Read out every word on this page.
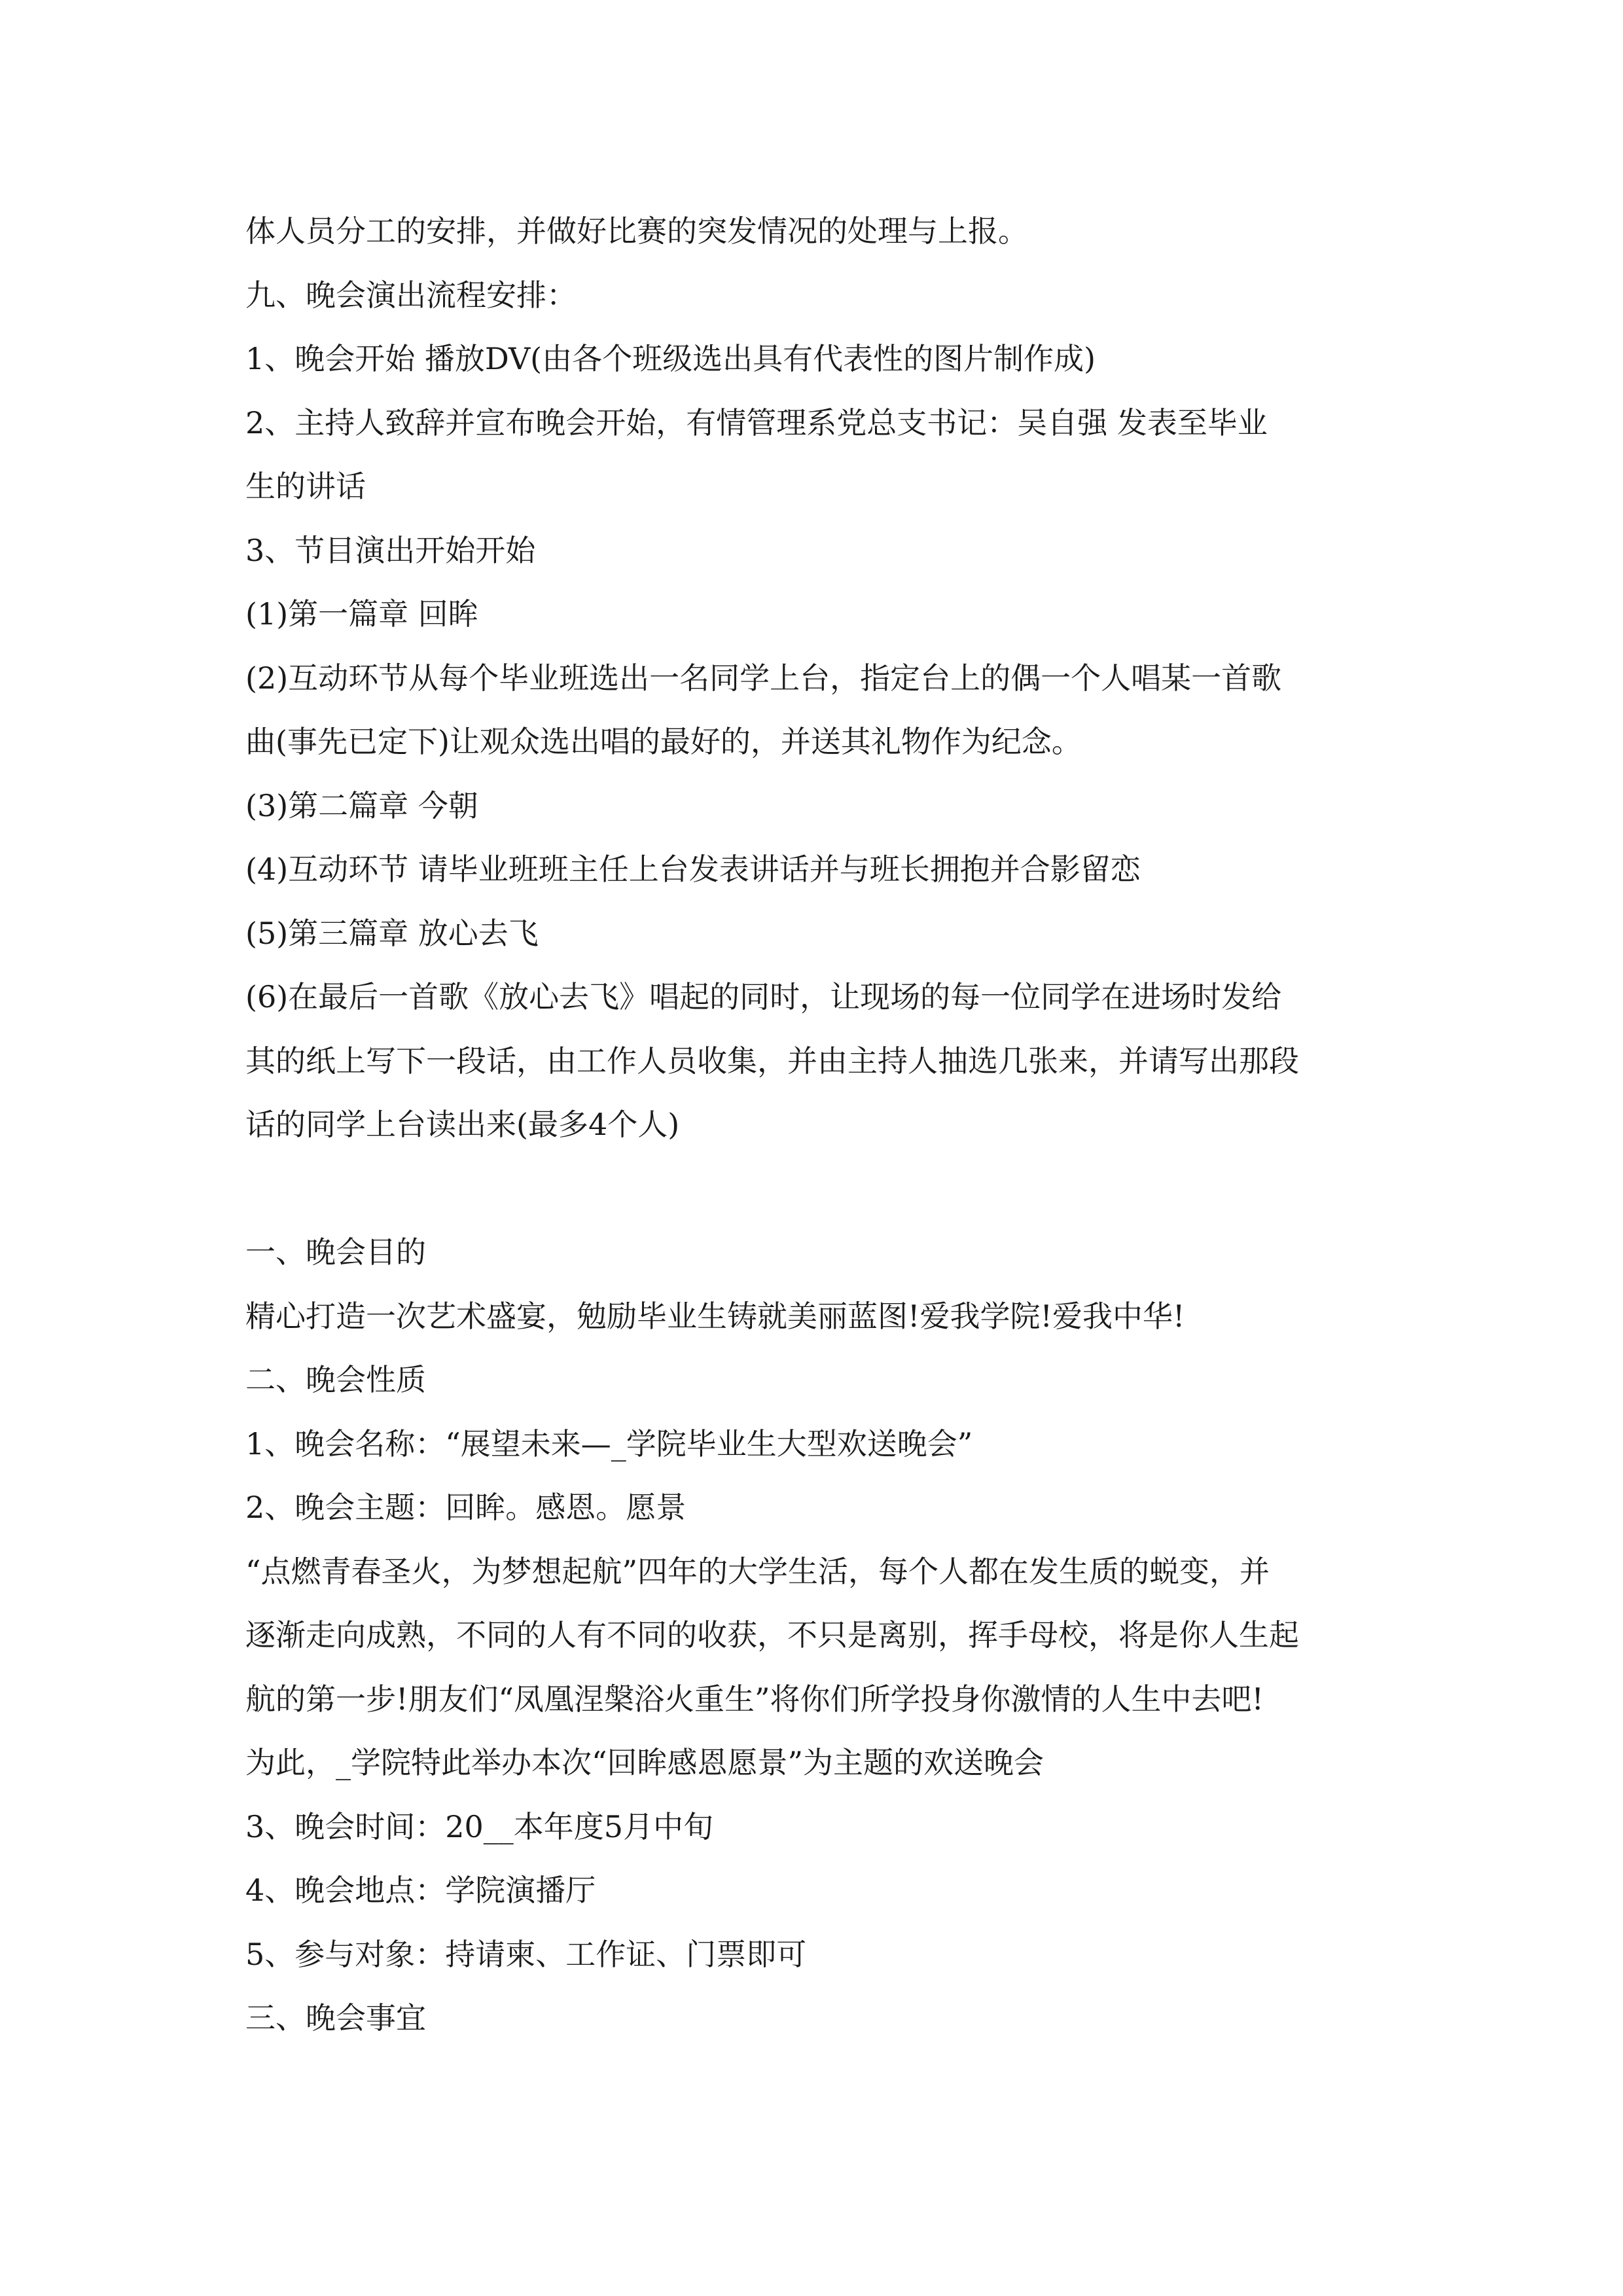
体人员分工的安排，并做好比赛的突发情况的处理与上报。
九、晚会演出流程安排：
1、晚会开始 播放DV(由各个班级选出具有代表性的图片制作成)
2、主持人致辞并宣布晚会开始，有情管理系党总支书记：吴自强 发表至毕业
生的讲话
3、节目演出开始开始
(1)第一篇章 回眸
(2)互动环节从每个毕业班选出一名同学上台，指定台上的偶一个人唱某一首歌
曲(事先已定下)让观众选出唱的最好的，并送其礼物作为纪念。
(3)第二篇章 今朝
(4)互动环节 请毕业班班主任上台发表讲话并与班长拥抱并合影留恋
(5)第三篇章 放心去飞
(6)在最后一首歌《放心去飞》唱起的同时，让现场的每一位同学在进场时发给
其的纸上写下一段话，由工作人员收集，并由主持人抽选几张来，并请写出那段
话的同学上台读出来(最多4个人)
一、晚会目的
精心打造一次艺术盛宴，勉励毕业生铸就美丽蓝图!爱我学院!爱我中华!
二、晚会性质
1、晚会名称：“展望未来—_学院毕业生大型欢送晚会”
2、晚会主题：回眸。感恩。愿景
“点燃青春圣火，为梦想起航”四年的大学生活，每个人都在发生质的蜕变，并
逐渐走向成熟，不同的人有不同的收获，不只是离别，挥手母校，将是你人生起
航的第一步!朋友们“凤凰涅槃浴火重生”将你们所学投身你激情的人生中去吧!
为此，_学院特此举办本次“回眸感恩愿景”为主题的欢送晚会
3、晚会时间：20__本年度5月中旬
4、晚会地点：学院演播厅
5、参与对象：持请柬、工作证、门票即可
三、晚会事宜
